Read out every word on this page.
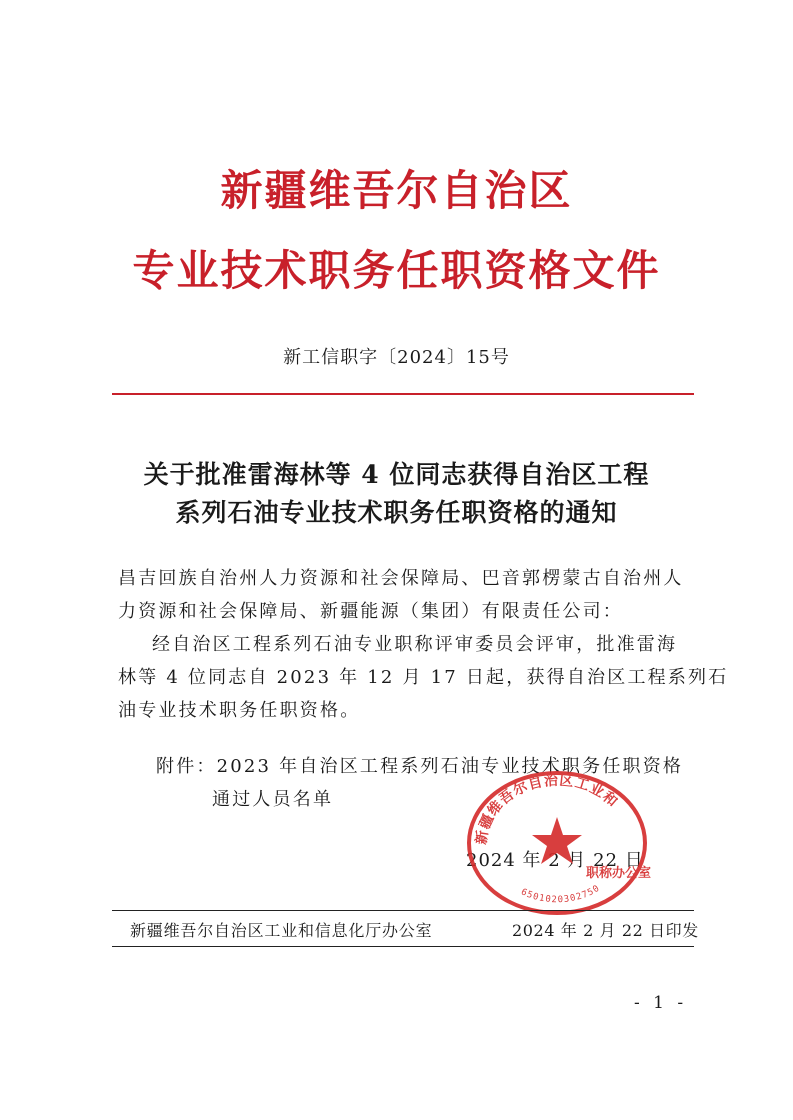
新疆维吾尔自治区
专业技术职务任职资格文件
新工信职字〔2024〕15号
关于批准雷海林等 4 位同志获得自治区工程
系列石油专业技术职务任职资格的通知
昌吉回族自治州人力资源和社会保障局、巴音郭楞蒙古自治州人
力资源和社会保障局、新疆能源（集团）有限责任公司：
经自治区工程系列石油专业职称评审委员会评审，批准雷海
林等 4 位同志自 2023 年 12 月 17 日起，获得自治区工程系列石
油专业技术职务任职资格。
附件：2023 年自治区工程系列石油专业技术职务任职资格
通过人员名单
2024 年 2 月 22 日
新疆维吾尔自治区工业和
职称办公室
6501020302750
新疆维吾尔自治区工业和信息化厅办公室	2024 年 2 月 22 日印发
- 1 -
